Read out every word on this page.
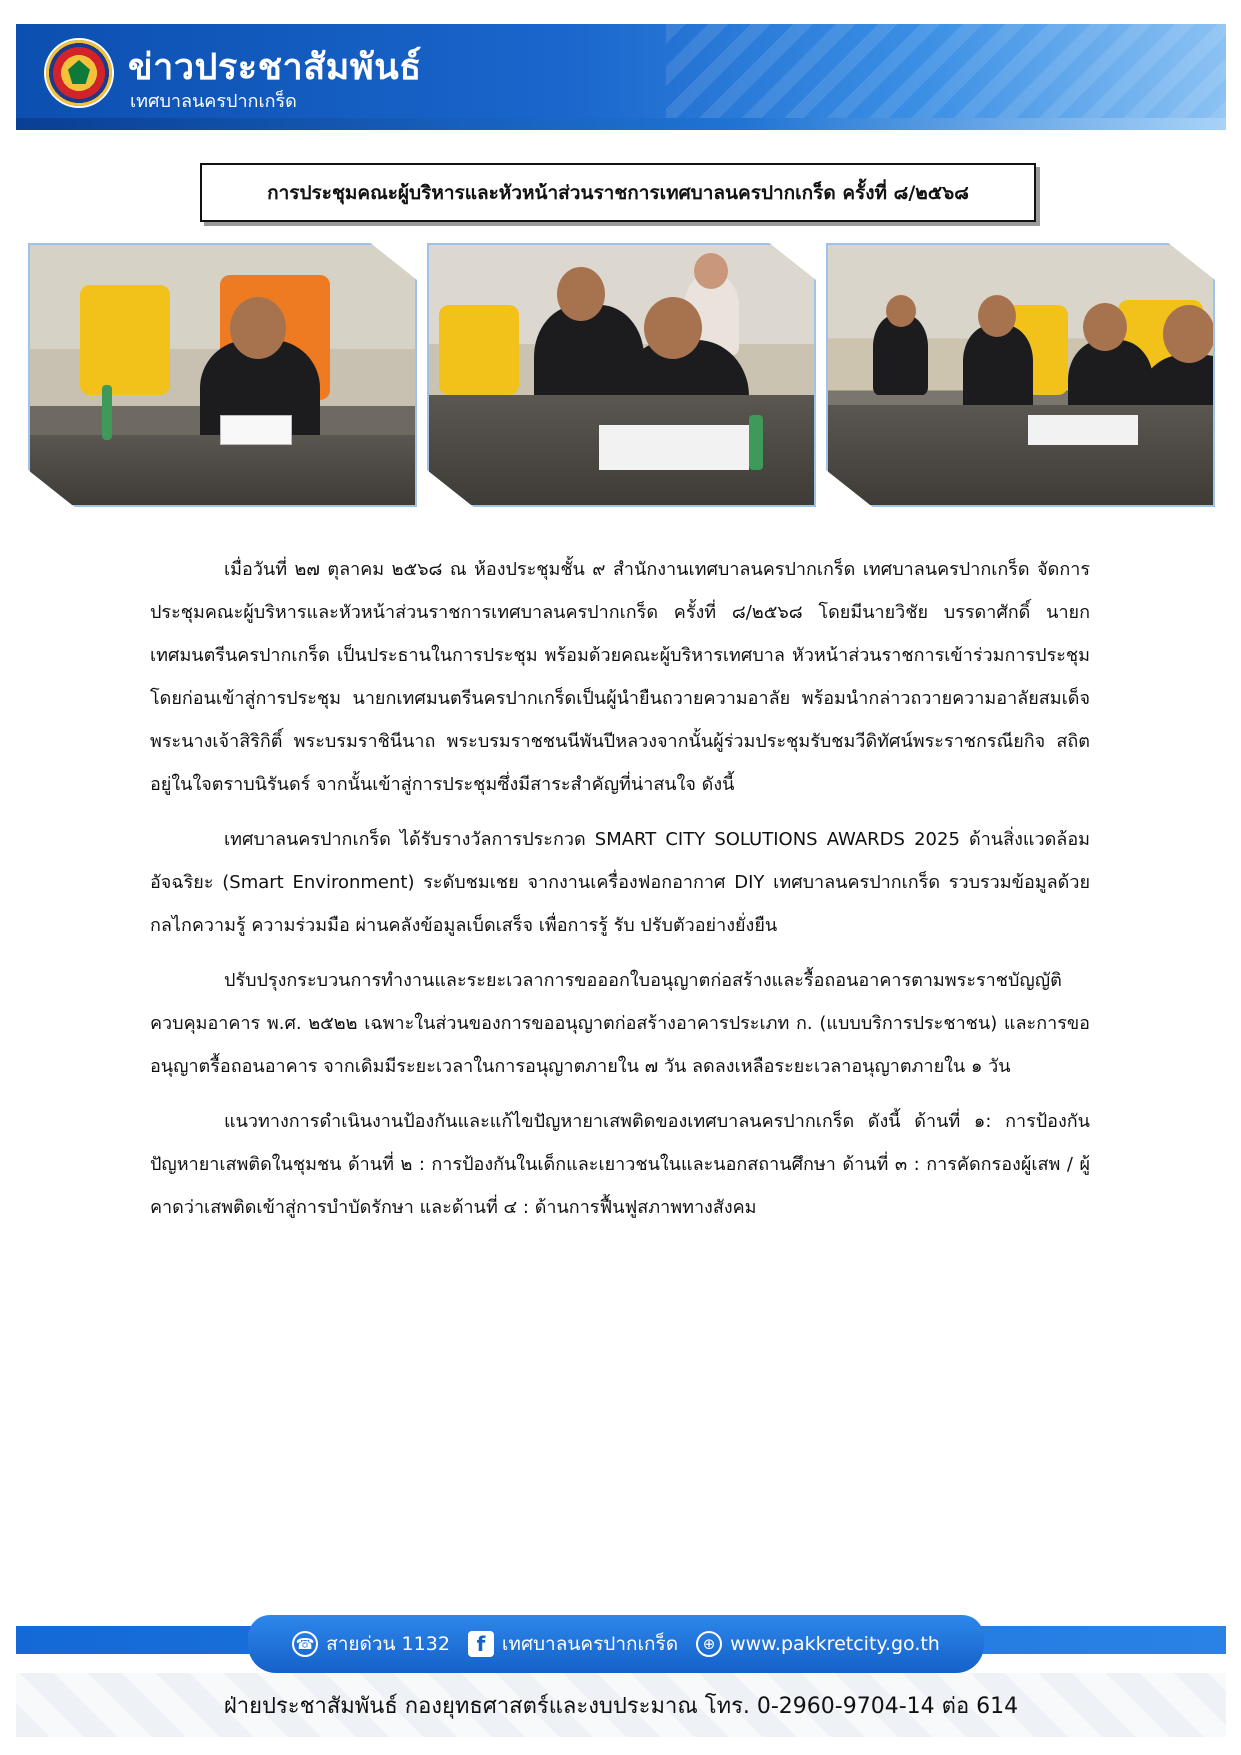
ข่าวประชาสัมพันธ์
เทศบาลนครปากเกร็ด
การประชุมคณะผู้บริหารและหัวหน้าส่วนราชการเทศบาลนครปากเกร็ด ครั้งที่ ๘/๒๕๖๘

เมื่อวันที่ ๒๗ ตุลาคม ๒๕๖๘ ณ ห้องประชุมชั้น ๙ สำนักงานเทศบาลนครปากเกร็ด เทศบาลนครปากเกร็ด จัดการประชุมคณะผู้บริหารและหัวหน้าส่วนราชการเทศบาลนครปากเกร็ด ครั้งที่ ๘/๒๕๖๘ โดยมีนายวิชัย บรรดาศักดิ์ นายกเทศมนตรีนครปากเกร็ด เป็นประธานในการประชุม พร้อมด้วยคณะผู้บริหารเทศบาล หัวหน้าส่วนราชการเข้าร่วมการประชุม โดยก่อนเข้าสู่การประชุม นายกเทศมนตรีนครปากเกร็ดเป็นผู้นำยืนถวายความอาลัย พร้อมนำกล่าวถวายความอาลัยสมเด็จพระนางเจ้าสิริกิติ์ พระบรมราชินีนาถ พระบรมราชชนนีพันปีหลวงจากนั้นผู้ร่วมประชุมรับชมวีดิทัศน์พระราชกรณียกิจ สถิตอยู่ในใจตราบนิรันดร์ จากนั้นเข้าสู่การประชุมซึ่งมีสาระสำคัญที่น่าสนใจ ดังนี้

เทศบาลนครปากเกร็ด ได้รับรางวัลการประกวด SMART CITY SOLUTIONS AWARDS 2025 ด้านสิ่งแวดล้อมอัจฉริยะ (Smart Environment) ระดับชมเชย จากงานเครื่องฟอกอากาศ DIY เทศบาลนครปากเกร็ด รวบรวมข้อมูลด้วยกลไกความรู้ ความร่วมมือ ผ่านคลังข้อมูลเบ็ดเสร็จ เพื่อการรู้ รับ ปรับตัวอย่างยั่งยืน

ปรับปรุงกระบวนการทำงานและระยะเวลาการขอออกใบอนุญาตก่อสร้างและรื้อถอนอาคารตามพระราชบัญญัติควบคุมอาคาร พ.ศ. ๒๕๒๒ เฉพาะในส่วนของการขออนุญาตก่อสร้างอาคารประเภท ก. (แบบบริการประชาชน) และการขออนุญาตรื้อถอนอาคาร จากเดิมมีระยะเวลาในการอนุญาตภายใน ๗ วัน ลดลงเหลือระยะเวลาอนุญาตภายใน ๑ วัน

แนวทางการดำเนินงานป้องกันและแก้ไขปัญหายาเสพติดของเทศบาลนครปากเกร็ด ดังนี้ ด้านที่ ๑: การป้องกันปัญหายาเสพติดในชุมชน ด้านที่ ๒ : การป้องกันในเด็กและเยาวชนในและนอกสถานศึกษา ด้านที่ ๓ : การคัดกรองผู้เสพ / ผู้คาดว่าเสพติดเข้าสู่การบำบัดรักษา และด้านที่ ๔ : ด้านการฟื้นฟูสภาพทางสังคม

☎ สายด่วน 1132	f เทศบาลนครปากเกร็ด	⊕ www.pakkretcity.go.th
ฝ่ายประชาสัมพันธ์ กองยุทธศาสตร์และงบประมาณ โทร. 0-2960-9704-14 ต่อ 614
